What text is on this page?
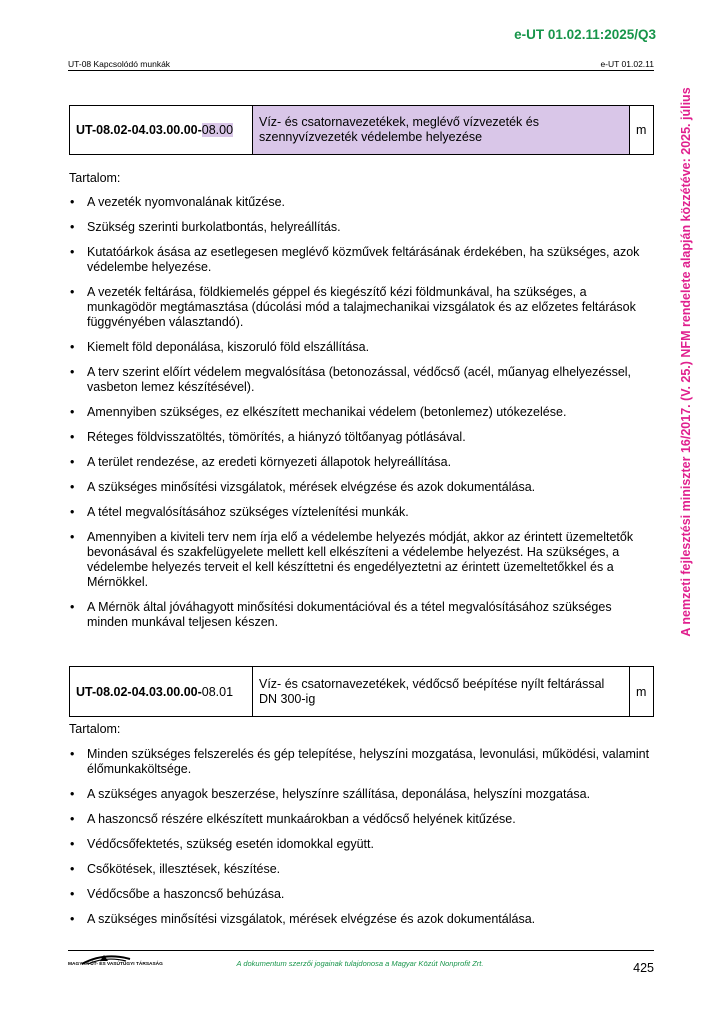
e-UT 01.02.11:2025/Q3
UT-08 Kapcsolódó munkák	e-UT 01.02.11
A nemzeti fejlesztési miniszter 16/2017. (V. 25.) NFM rendelete alapján közzétéve: 2025. július
UT-08.02-04.03.00.00-08.00	Víz- és csatornavezetékek, meglévő vízvezeték és szennyvízvezeték védelembe helyezése	m
Tartalom:
• A vezeték nyomvonalának kitűzése.
• Szükség szerinti burkolatbontás, helyreállítás.
• Kutatóárkok ásása az esetlegesen meglévő közművek feltárásának érdekében, ha szükséges, azok védelembe helyezése.
• A vezeték feltárása, földkiemelés géppel és kiegészítő kézi földmunkával, ha szükséges, a munkagödör megtámasztása (dúcolási mód a talajmechanikai vizsgálatok és az előzetes feltárások függvényében választandó).
• Kiemelt föld deponálása, kiszoruló föld elszállítása.
• A terv szerint előírt védelem megvalósítása (betonozással, védőcső (acél, műanyag elhelyezéssel, vasbeton lemez készítésével).
• Amennyiben szükséges, ez elkészített mechanikai védelem (betonlemez) utókezelése.
• Réteges földvisszatöltés, tömörítés, a hiányzó töltőanyag pótlásával.
• A terület rendezése, az eredeti környezeti állapotok helyreállítása.
• A szükséges minősítési vizsgálatok, mérések elvégzése és azok dokumentálása.
• A tétel megvalósításához szükséges víztelenítési munkák.
• Amennyiben a kiviteli terv nem írja elő a védelembe helyezés módját, akkor az érintett üzemeltetők bevonásával és szakfelügyelete mellett kell elkészíteni a védelembe helyezést. Ha szükséges, a védelembe helyezés terveit el kell készíttetni és engedélyeztetni az érintett üzemeltetőkkel és a Mérnökkel.
• A Mérnök által jóváhagyott minősítési dokumentációval és a tétel megvalósításához szükséges minden munkával teljesen készen.
UT-08.02-04.03.00.00-08.01	Víz- és csatornavezetékek, védőcső beépítése nyílt feltárással DN 300-ig	m
Tartalom:
• Minden szükséges felszerelés és gép telepítése, helyszíni mozgatása, levonulási, működési, valamint élőmunkaköltsége.
• A szükséges anyagok beszerzése, helyszínre szállítása, deponálása, helyszíni mozgatása.
• A haszoncső részére elkészített munkaárokban a védőcső helyének kitűzése.
• Védőcsőfektetés, szükség esetén idomokkal együtt.
• Csőkötések, illesztések, készítése.
• Védőcsőbe a haszoncső behúzása.
• A szükséges minősítési vizsgálatok, mérések elvégzése és azok dokumentálása.
MAGYAR ÚT- ÉS VASÚTÜGYI TÁRSASÁG	A dokumentum szerzői jogainak tulajdonosa a Magyar Közút Nonprofit Zrt.	425
